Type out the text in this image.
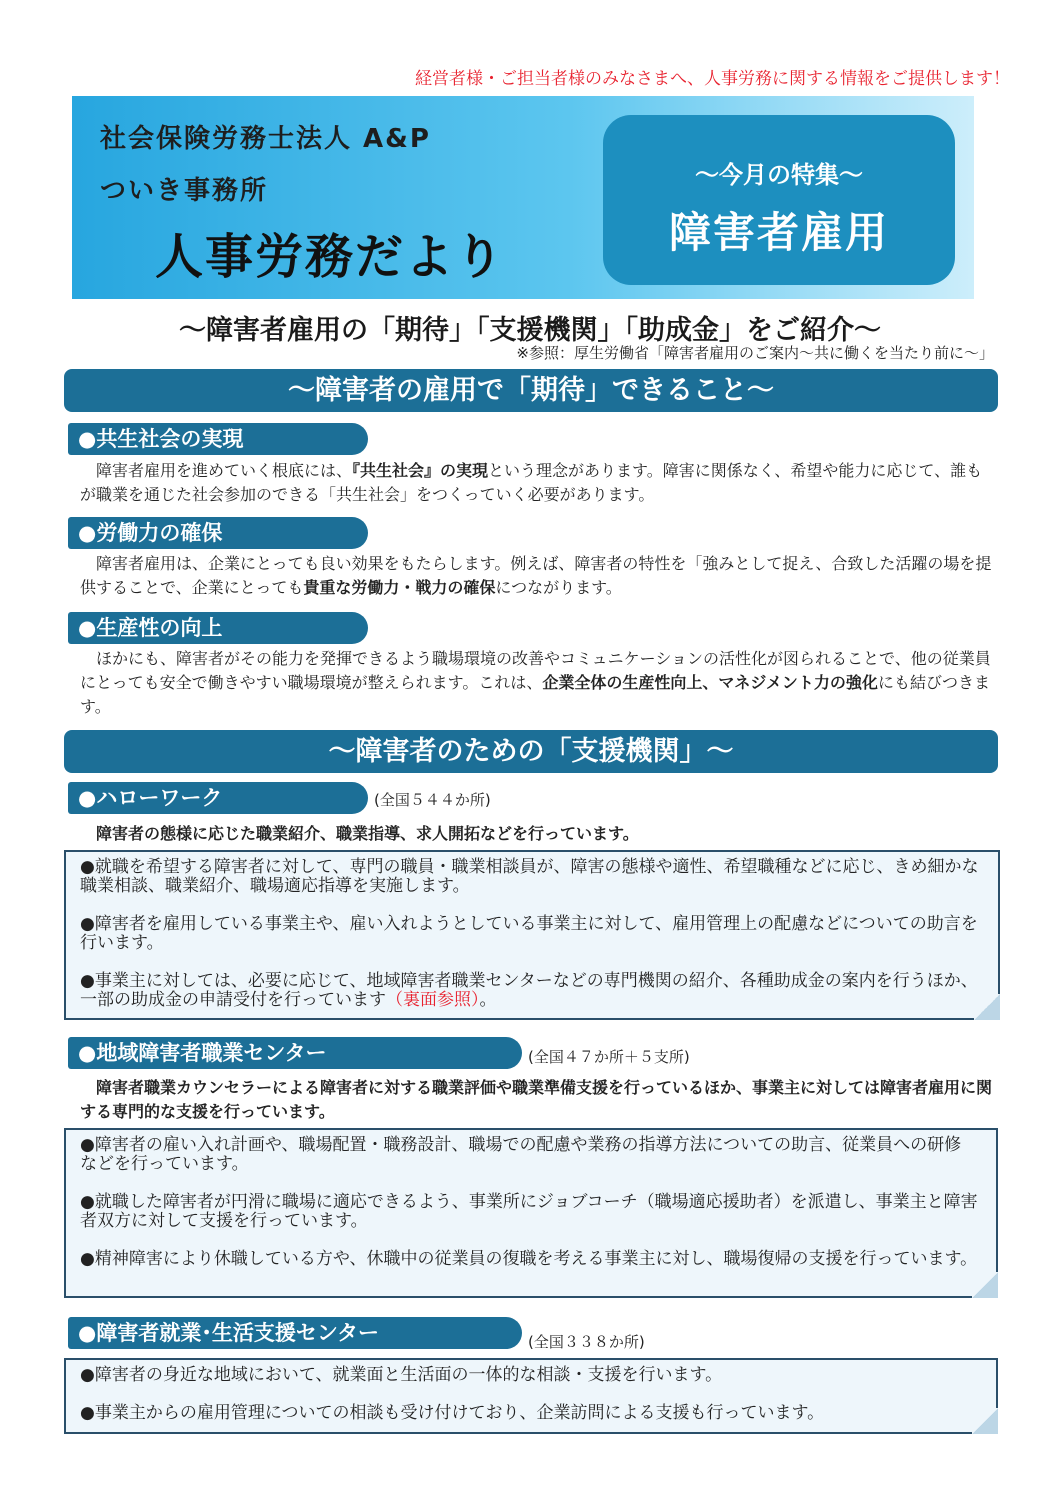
経営者様・ご担当者様のみなさまへ、人事労務に関する情報をご提供します！
社会保険労務士法人 A&P
ついき事務所
人事労務だより
～今月の特集～
障害者雇用
～障害者雇用の「期待」「支援機関」「助成金」をご紹介～
※参照：厚生労働省「障害者雇用のご案内～共に働くを当たり前に～」
～障害者の雇用で「期待」できること～
●共生社会の実現
障害者雇用を進めていく根底には、『共生社会』の実現という理念があります。障害に関係なく、希望や能力に応じて、誰もが職業を通じた社会参加のできる「共生社会」をつくっていく必要があります。
●労働力の確保
障害者雇用は、企業にとっても良い効果をもたらします。例えば、障害者の特性を「強みとして捉え、合致した活躍の場を提供することで、企業にとっても貴重な労働力・戦力の確保につながります。
●生産性の向上
ほかにも、障害者がその能力を発揮できるよう職場環境の改善やコミュニケーションの活性化が図られることで、他の従業員にとっても安全で働きやすい職場環境が整えられます。これは、企業全体の生産性向上、マネジメント力の強化にも結びつきます。
～障害者のための「支援機関」～
●ハローワーク	(全国５４４か所)
障害者の態様に応じた職業紹介、職業指導、求人開拓などを行っています。

●就職を希望する障害者に対して、専門の職員・職業相談員が、障害の態様や適性、希望職種などに応じ、きめ細かな職業相談、職業紹介、職場適応指導を実施します。

●障害者を雇用している事業主や、雇い入れようとしている事業主に対して、雇用管理上の配慮などについての助言を行います。

●事業主に対しては、必要に応じて、地域障害者職業センターなどの専門機関の紹介、各種助成金の案内を行うほか、一部の助成金の申請受付を行っています（裏面参照）。

●地域障害者職業センター	(全国４７か所＋５支所)
障害者職業カウンセラーによる障害者に対する職業評価や職業準備支援を行っているほか、事業主に対しては障害者雇用に関する専門的な支援を行っています。

●障害者の雇い入れ計画や、職場配置・職務設計、職場での配慮や業務の指導方法についての助言、従業員への研修などを行っています。

●就職した障害者が円滑に職場に適応できるよう、事業所にジョブコーチ（職場適応援助者）を派遣し、事業主と障害者双方に対して支援を行っています。

●精神障害により休職している方や、休職中の従業員の復職を考える事業主に対し、職場復帰の支援を行っています。

●障害者就業･生活支援センター	(全国３３８か所)

●障害者の身近な地域において、就業面と生活面の一体的な相談・支援を行います。

●事業主からの雇用管理についての相談も受け付けており、企業訪問による支援も行っています。
